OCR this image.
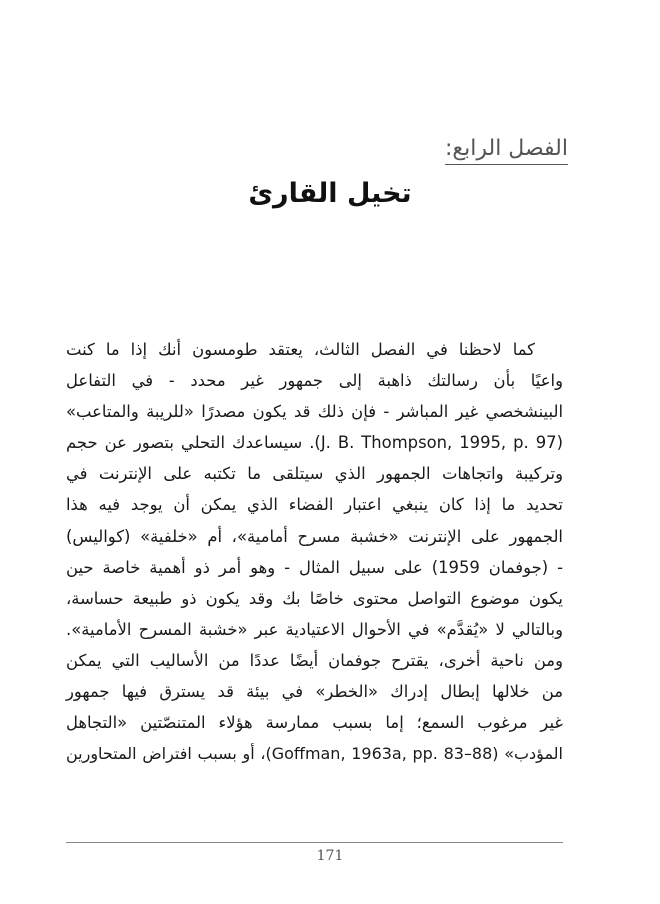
الفصل الرابع:
تخيل القارئ
كما لاحظنا في الفصل الثالث، يعتقد طومسون أنك إذا ما كنت
واعيًا بأن رسالتك ذاهبة إلى جمهور غير محدد - في التفاعل
البينشخصي غير المباشر - فإن ذلك قد يكون مصدرًا «للريبة والمتاعب»
(J. B. Thompson, 1995, p. 97). سيساعدك التحلي بتصور عن حجم
وتركيبة واتجاهات الجمهور الذي سيتلقى ما تكتبه على الإنترنت في
تحديد ما إذا كان ينبغي اعتبار الفضاء الذي يمكن أن يوجد فيه هذا
الجمهور على الإنترنت «خشبة مسرح أمامية»، أم «خلفية» (كواليس)
- (جوفمان 1959) على سبيل المثال - وهو أمر ذو أهمية خاصة حين
يكون موضوع التواصل محتوى خاصًا بك وقد يكون ذو طبيعة حساسة،
وبالتالي لا «يُقدَّم» في الأحوال الاعتيادية عبر «خشبة المسرح الأمامية».
ومن ناحية أخرى، يقترح جوفمان أيضًا عددًا من الأساليب التي يمكن
من خلالها إبطال إدراك «الخطر» في بيئة قد يسترق فيها جمهور
غير مرغوب السمع؛ إما بسبب ممارسة هؤلاء المتنصّتين «التجاهل
المؤدب» (Goffman, 1963a, pp. 83–88)، أو بسبب افتراض المتحاورين
171
